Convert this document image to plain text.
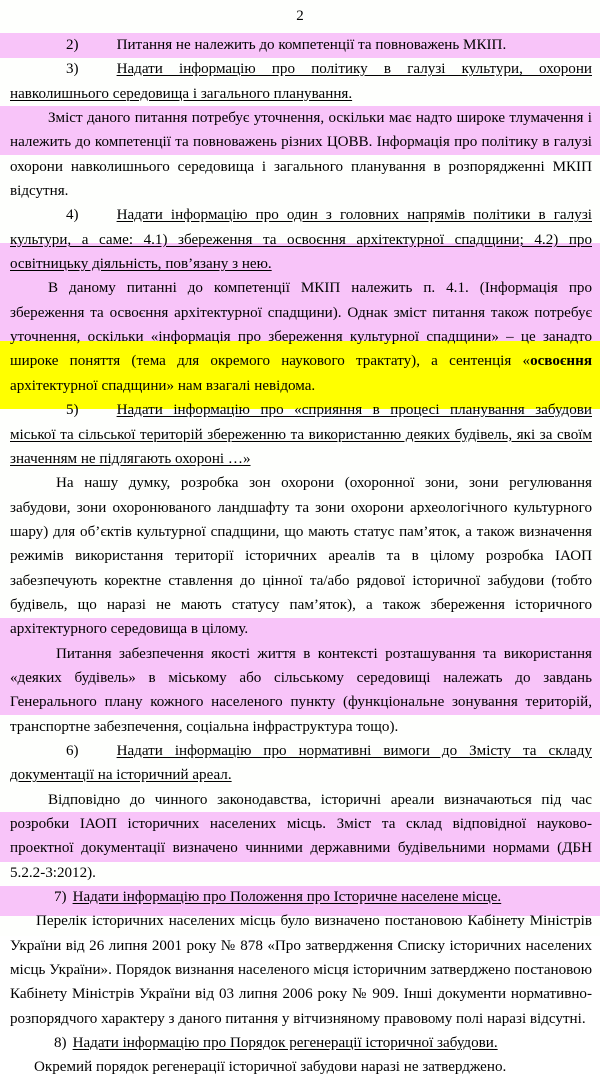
2

2)	Питання не належить до компетенції та повноважень МКІП.

3)	Надати інформацію про політику в галузі культури, охорони навколишнього середовища і загального планування.

Зміст даного питання потребує уточнення, оскільки має надто широке тлумачення і належить до компетенції та повноважень різних ЦОВВ. Інформація про політику в галузі охорони навколишнього середовища і загального планування в розпорядженні МКІП відсутня.

4)	Надати інформацію про один з головних напрямів політики в галузі культури, а саме: 4.1) збереження та освоєння архітектурної спадщини; 4.2) про освітницьку діяльність, пов’язану з нею.

В даному питанні до компетенції МКІП належить п. 4.1. (Інформація про збереження та освоєння архітектурної спадщини). Однак зміст питання також потребує уточнення, оскільки «інформація про збереження культурної спадщини» – це занадто широке поняття (тема для окремого наукового трактату), а сентенція «освоєння архітектурної спадщини» нам взагалі невідома.

5)	Надати інформацію про «сприяння в процесі планування забудови міської та сільської територій збереженню та використанню деяких будівель, які за своїм значенням не підлягають охороні …»

На нашу думку, розробка зон охорони (охоронної зони, зони регулювання забудови, зони охоронюваного ландшафту та зони охорони археологічного культурного шару) для об’єктів культурної спадщини, що мають статус пам’яток, а також визначення режимів використання території історичних ареалів та в цілому розробка ІАОП забезпечують коректне ставлення до цінної та/або рядової історичної забудови (тобто будівель, що наразі не мають статусу пам’яток), а також збереження історичного архітектурного середовища в цілому.

Питання забезпечення якості життя в контексті розташування та використання «деяких будівель» в міському або сільському середовищі належать до завдань Генерального плану кожного населеного пункту (функціональне зонування територій, транспортне забезпечення, соціальна інфраструктура тощо).

6)	Надати інформацію про нормативні вимоги до Змісту та складу документації на історичний ареал.

Відповідно до чинного законодавства, історичні ареали визначаються під час розробки ІАОП історичних населених місць. Зміст та склад відповідної науково-проектної документації визначено чинними державними будівельними нормами (ДБН 5.2.2-3:2012).

7) Надати інформацію про Положення про Історичне населене місце.

Перелік історичних населених місць було визначено постановою Кабінету Міністрів України від 26 липня 2001 року № 878 «Про затвердження Списку історичних населених місць України». Порядок визнання населеного місця історичним затверджено постановою Кабінету Міністрів України від 03 липня 2006 року № 909. Інші документи нормативно-розпорядчого характеру з даного питання у вітчизняному правовому полі наразі відсутні.

8) Надати інформацію про Порядок регенерації історичної забудови.

Окремий порядок регенерації історичної забудови наразі не затверджено.
